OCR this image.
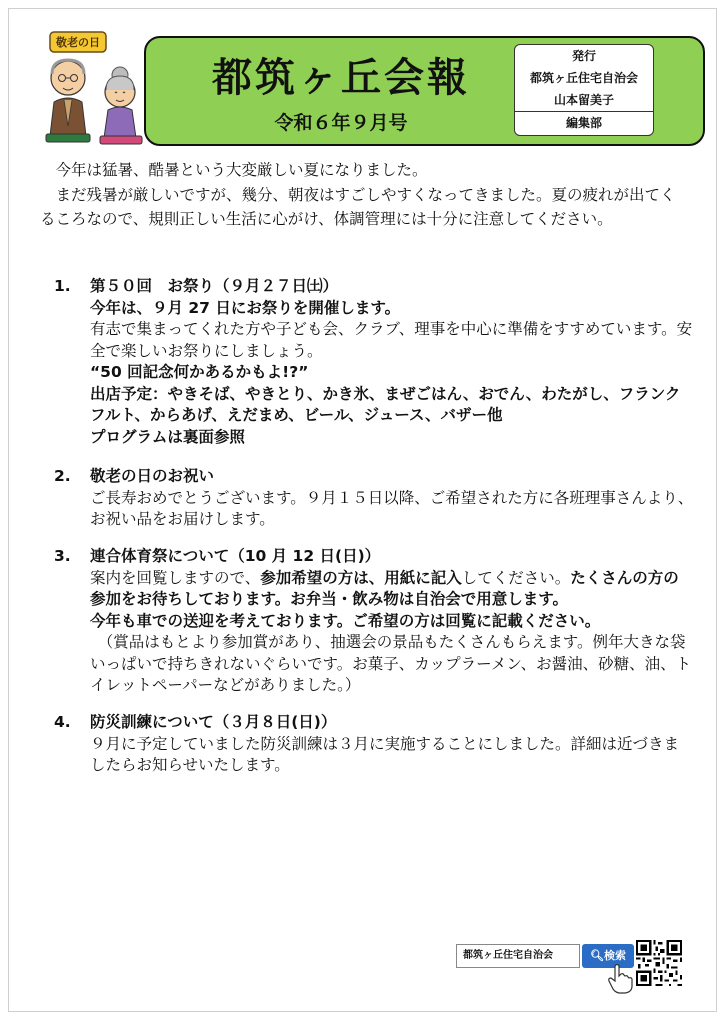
敬老の日
都筑ヶ丘会報
令和６年９月号
発行
都筑ヶ丘住宅自治会
山本留美子
編集部

今年は猛暑、酷暑という大変厳しい夏になりました。

まだ残暑が厳しいですが、幾分、朝夜はすごしやすくなってきました。夏の疲れが出てくるころなので、規則正しい生活に心がけ、体調管理には十分に注意してください。

1. 第５０回　お祭り（９月２７日㈯）
今年は、９月 27 日にお祭りを開催します。
有志で集まってくれた方や子ども会、クラブ、理事を中心に準備をすすめています。安全で楽しいお祭りにしましょう。
“50 回記念何かあるかもよ!?”
出店予定：やきそば、やきとり、かき氷、まぜごはん、おでん、わたがし、フランクフルト、からあげ、えだまめ、ビール、ジュース、バザー他
プログラムは裏面参照
2. 敬老の日のお祝い
ご長寿おめでとうございます。９月１５日以降、ご希望された方に各班理事さんより、お祝い品をお届けします。
3. 連合体育祭について（10 月 12 日(日)）
案内を回覧しますので、参加希望の方は、用紙に記入してください。たくさんの方の参加をお待ちしております。お弁当・飲み物は自治会で用意します。
今年も車での送迎を考えております。ご希望の方は回覧に記載ください。
（賞品はもとより参加賞があり、抽選会の景品もたくさんもらえます。例年大きな袋いっぱいで持ちきれないぐらいです。お菓子、カップラーメン、お醤油、砂糖、油、トイレットペーパーなどがありました。）
4. 防災訓練について（３月８日(日)）
９月に予定していました防災訓練は３月に実施することにしました。詳細は近づきましたらお知らせいたします。
都筑ヶ丘住宅自治会	🔍︎検索
